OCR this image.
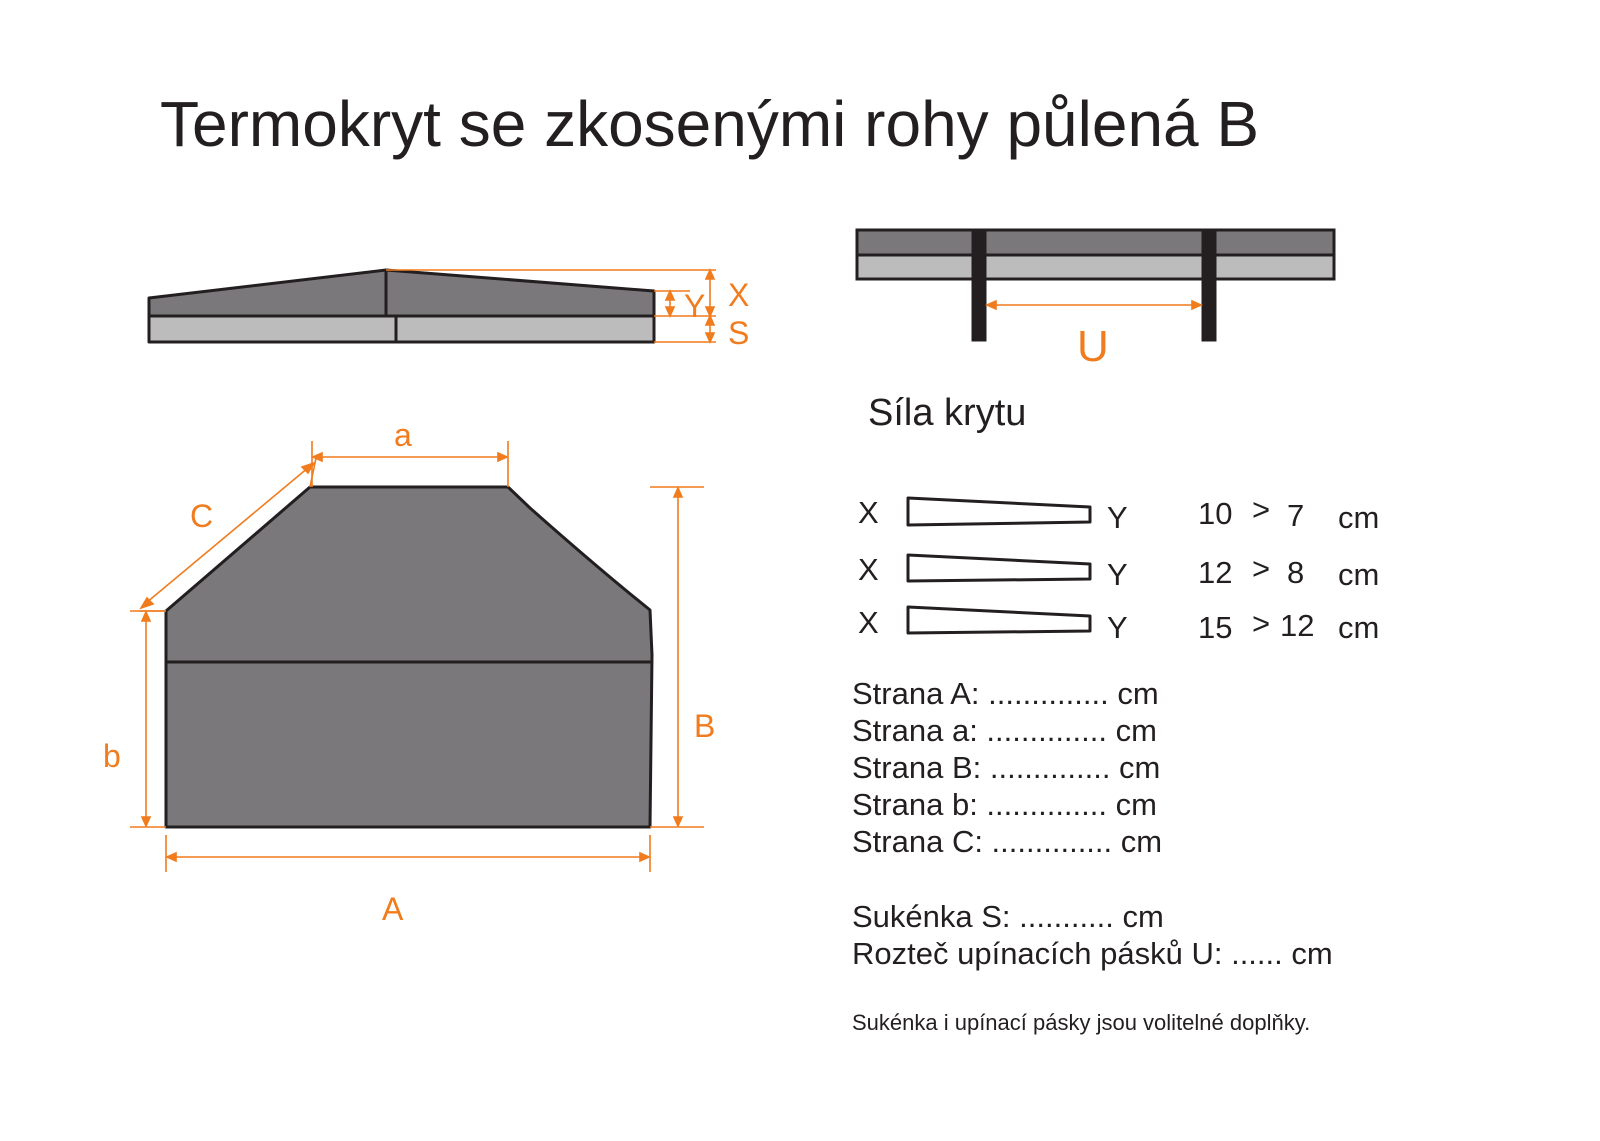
Termokryt se zkosenými rohy půlená B
X
Y
S	U
a
C
b
B
A
Síla krytu
X	Y 10 > 7 cm
X	Y 12 > 8 cm
X	Y 15 > 12 cm
Strana A: .............. cm
Strana a: .............. cm
Strana B: .............. cm
Strana b: .............. cm
Strana C: .............. cm
Sukénka S: ........... cm
Rozteč upínacích pásků U: ...... cm
Sukénka i upínací pásky jsou volitelné doplňky.
